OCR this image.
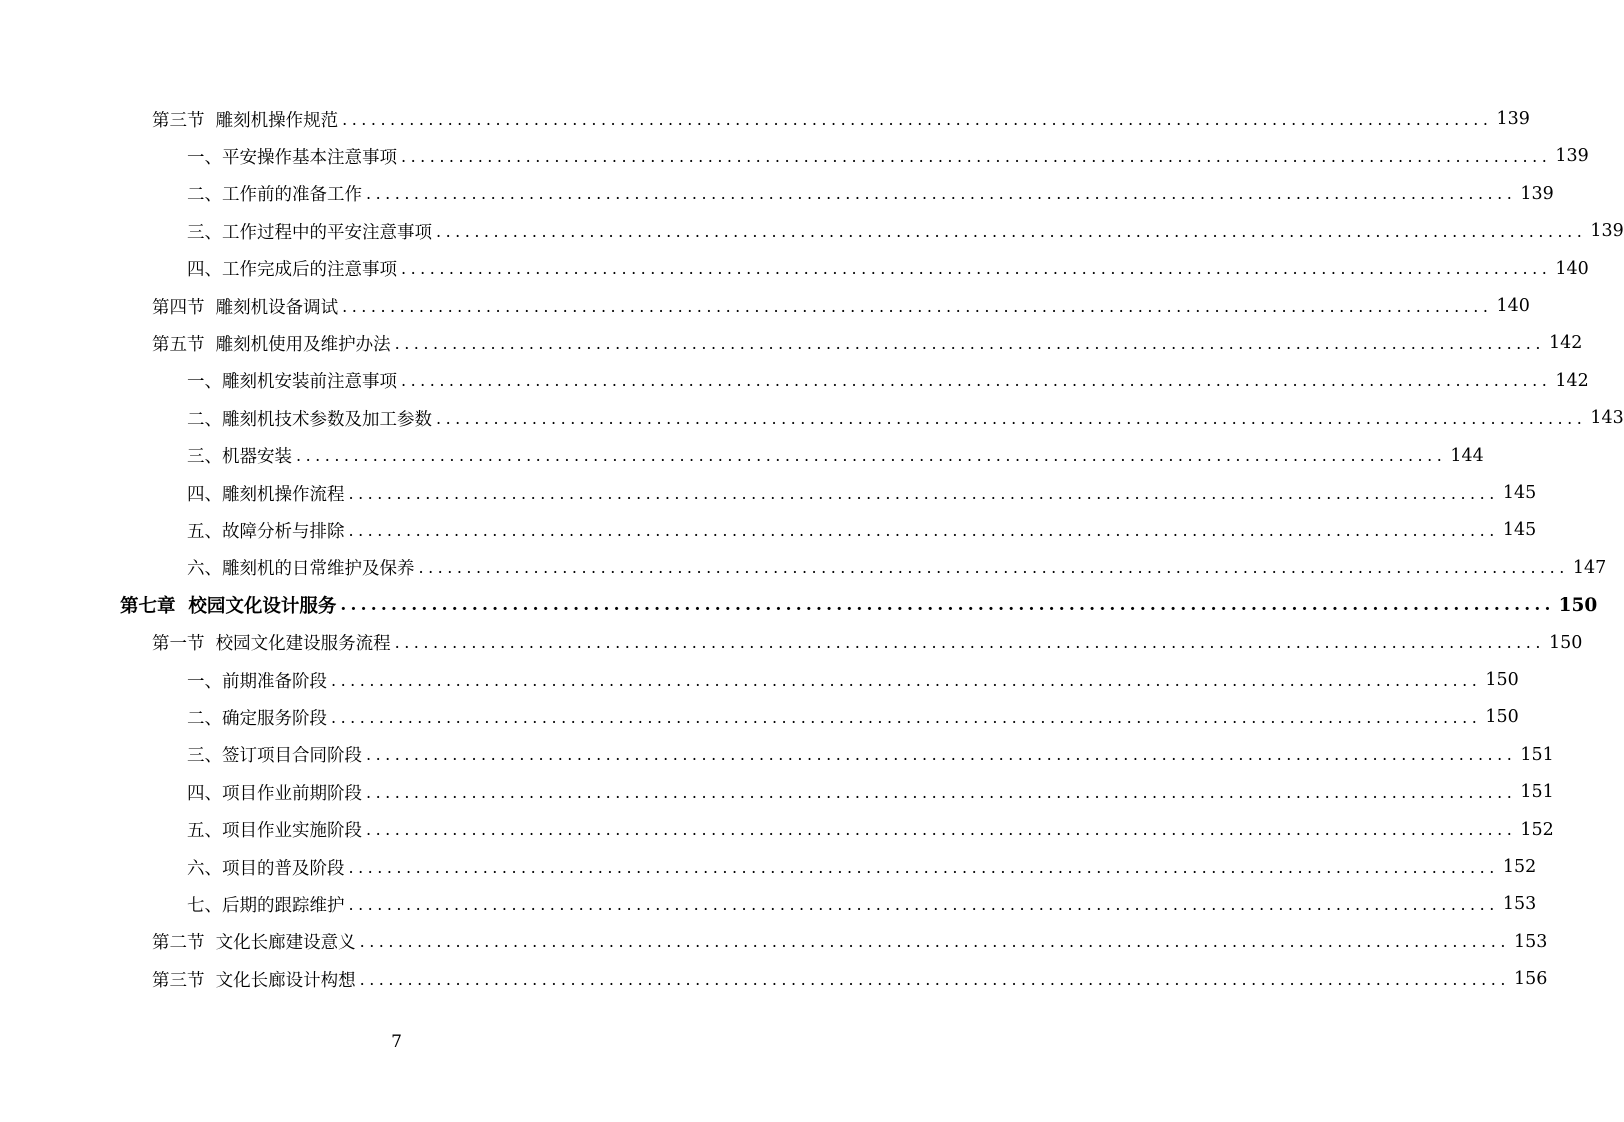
第三节  雕刻机操作规范 ........................................................................................................................ 139
一、平安操作基本注意事项 ........................................................................................................................ 139
二、工作前的准备工作 ........................................................................................................................ 139
三、工作过程中的平安注意事项 ........................................................................................................................ 139
四、工作完成后的注意事项 ........................................................................................................................ 140
第四节  雕刻机设备调试 ........................................................................................................................ 140
第五节  雕刻机使用及维护办法 ........................................................................................................................ 142
一、雕刻机安装前注意事项 ........................................................................................................................ 142
二、雕刻机技术参数及加工参数 ........................................................................................................................ 143
三、机器安装 ........................................................................................................................ 144
四、雕刻机操作流程 ........................................................................................................................ 145
五、故障分析与排除 ........................................................................................................................ 145
六、雕刻机的日常维护及保养 ........................................................................................................................ 147
第七章  校园文化设计服务 ........................................................................................................................ 150
第一节  校园文化建设服务流程 ........................................................................................................................ 150
一、前期准备阶段 ........................................................................................................................ 150
二、确定服务阶段 ........................................................................................................................ 150
三、签订项目合同阶段 ........................................................................................................................ 151
四、项目作业前期阶段 ........................................................................................................................ 151
五、项目作业实施阶段 ........................................................................................................................ 152
六、项目的普及阶段 ........................................................................................................................ 152
七、后期的跟踪维护 ........................................................................................................................ 153
第二节  文化长廊建设意义 ........................................................................................................................ 153
第三节  文化长廊设计构想 ........................................................................................................................ 156
7
